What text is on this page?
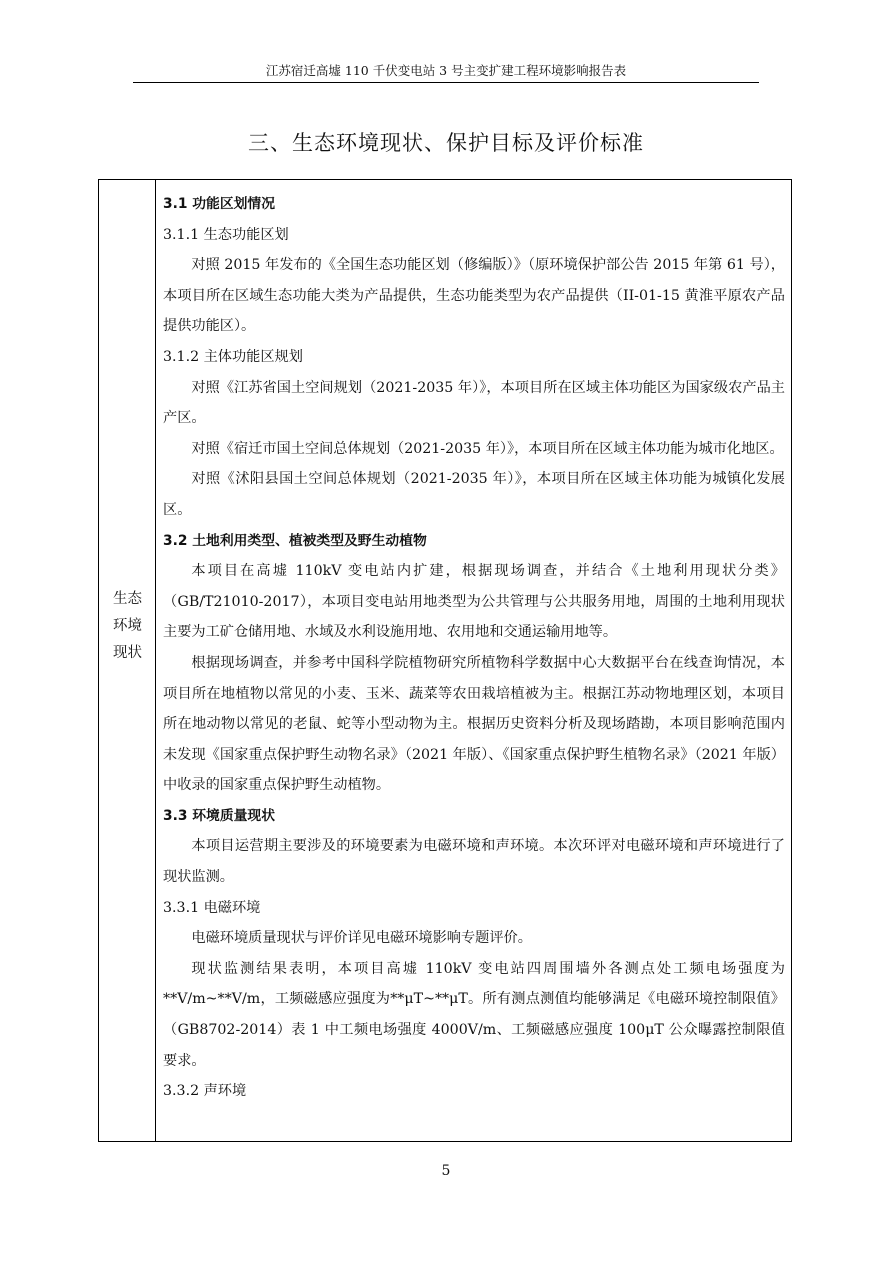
江苏宿迁高墟 110 千伏变电站 3 号主变扩建工程环境影响报告表
三、生态环境现状、保护目标及评价标准
生态
环境
现状

3.1 功能区划情况

3.1.1 生态功能区划

对照 2015 年发布的《全国生态功能区划（修编版）》（原环境保护部公告 2015 年第 61 号），本项目所在区域生态功能大类为产品提供，生态功能类型为农产品提供（II-01-15 黄淮平原农产品提供功能区）。

3.1.2 主体功能区规划

对照《江苏省国土空间规划（2021-2035 年）》，本项目所在区域主体功能区为国家级农产品主产区。

对照《宿迁市国土空间总体规划（2021-2035 年）》，本项目所在区域主体功能为城市化地区。

对照《沭阳县国土空间总体规划（2021-2035 年）》，本项目所在区域主体功能为城镇化发展区。

3.2 土地利用类型、植被类型及野生动植物

本项目在高墟 110kV 变电站内扩建，根据现场调查，并结合《土地利用现状分类》（GB/T21010-2017），本项目变电站用地类型为公共管理与公共服务用地，周围的土地利用现状主要为工矿仓储用地、水域及水利设施用地、农用地和交通运输用地等。

根据现场调查，并参考中国科学院植物研究所植物科学数据中心大数据平台在线查询情况，本项目所在地植物以常见的小麦、玉米、蔬菜等农田栽培植被为主。根据江苏动物地理区划，本项目所在地动物以常见的老鼠、蛇等小型动物为主。根据历史资料分析及现场踏勘，本项目影响范围内未发现《国家重点保护野生动物名录》（2021 年版）、《国家重点保护野生植物名录》（2021 年版）中收录的国家重点保护野生动植物。

3.3 环境质量现状

本项目运营期主要涉及的环境要素为电磁环境和声环境。本次环评对电磁环境和声环境进行了现状监测。

3.3.1 电磁环境

电磁环境质量现状与评价详见电磁环境影响专题评价。

现状监测结果表明，本项目高墟 110kV 变电站四周围墙外各测点处工频电场强度为**V/m~**V/m，工频磁感应强度为**μT~**μT。所有测点测值均能够满足《电磁环境控制限值》（GB8702-2014）表 1 中工频电场强度 4000V/m、工频磁感应强度 100μT 公众曝露控制限值要求。

3.3.2 声环境

5
